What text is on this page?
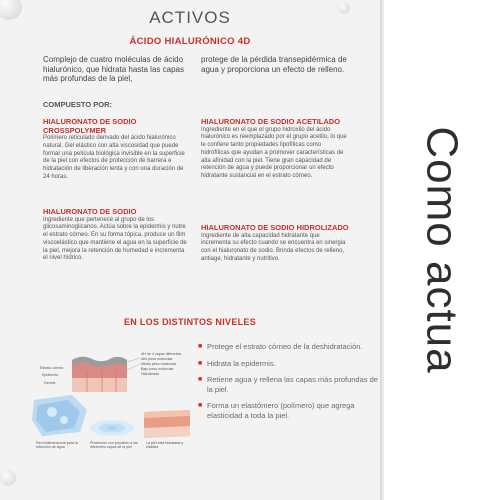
ACTIVOS
ÁCIDO HIALURÓNICO 4D
Complejo de cuatro moléculas de ácido hialurónico, que hidrata hasta las capas más profundas de la piel,
protege de la pérdida transepidérmica de agua y proporciona un efecto de relleno.
COMPUESTO POR:
HIALURONATO DE SODIO CROSSPOLYMER

Polímero reticulado derivado del ácido hialurónico natural. Gel elástico con alta viscosidad que puede formar una película biológica invisible en la superficie de la piel con efectos de protección de barrera e hidratación de liberación lenta y con una duración de 24 horas.

HIALURONATO DE SODIO ACETILADO

Ingrediente en el que el grupo hidroxilo del ácido hialurónico es reemplazado por el grupo acetilo, lo que le confiere tanto propiedades lipofílicas como hidrofílicas que ayudan a promover características de alta afinidad con la piel. Tiene gran capacidad de retención de agua y puede proporcionar un efecto hidratante sustancial en el estrato córneo.

HIALURONATO DE SODIO

Ingrediente que pertenece al grupo de los glicosaminoglicanos. Actúa sobre la epidermis y nutre el estrato córneo. En su forma tópica, produce un film viscoelástico que mantiene el agua en la superficie de la piel, mejora la retención de humedad e incrementa el nivel hídrico.

HIALURONATO DE SODIO HIDROLIZADO

Ingrediente de alta capacidad hidratante que incrementa su efecto cuando se encuentra en sinergia con el hialuronato de sodio. Brinda efectos de relleno, antiage, hidratante y nutritivo.

EN LOS DISTINTOS NIVELES
Estrato córneo
Epidermis
Dermis
AH de 4 capas diferentes
Alto peso molecular
Medio peso molecular
Bajo peso molecular
Hidrolizado
Red tridimensional para la retención de agua
Protección con precisión a las diferentes capas de la piel
La piel está hidratada y elástica
■ Protege el estrato córneo de la deshidratación.
■ Hidrata la epidermis.
■ Retiene agua y rellena las capas más profundas de la piel.
■ Forma un elastómero (polímero) que agrega elasticidad a toda la piel.
Como actua
